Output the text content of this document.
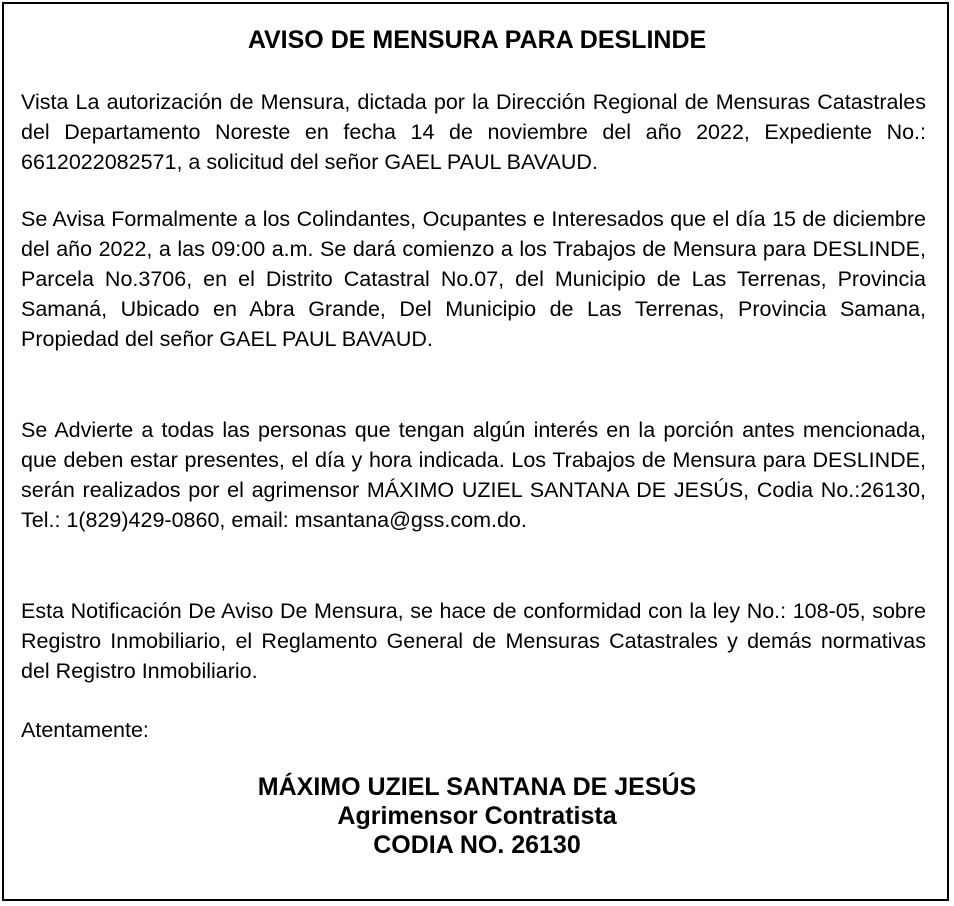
AVISO DE MENSURA PARA DESLINDE

Vista La autorización de Mensura, dictada por la Dirección Regional de Mensuras Catastrales del Departamento Noreste en fecha 14 de noviembre del año 2022, Expediente No.: 6612022082571, a solicitud del señor GAEL PAUL BAVAUD.

Se Avisa Formalmente a los Colindantes, Ocupantes e Interesados que el día 15 de diciembre del año 2022, a las 09:00 a.m. Se dará comienzo a los Trabajos de Mensura para DESLINDE, Parcela No.3706, en el Distrito Catastral No.07, del Municipio de Las Terrenas, Provincia Samaná, Ubicado en Abra Grande, Del Municipio de Las Terrenas, Provincia Samana, Propiedad del señor GAEL PAUL BAVAUD.

Se Advierte a todas las personas que tengan algún interés en la porción antes mencionada, que deben estar presentes, el día y hora indicada. Los Trabajos de Mensura para DESLINDE, serán realizados por el agrimensor MÁXIMO UZIEL SANTANA DE JESÚS, Codia No.:26130, Tel.: 1(829)429-0860, email: msantana@gss.com.do.

Esta Notificación De Aviso De Mensura, se hace de conformidad con la ley No.: 108-05, sobre Registro Inmobiliario, el Reglamento General de Mensuras Catastrales y demás normativas del Registro Inmobiliario.

Atentamente:

MÁXIMO UZIEL SANTANA DE JESÚS
Agrimensor Contratista
CODIA NO. 26130
